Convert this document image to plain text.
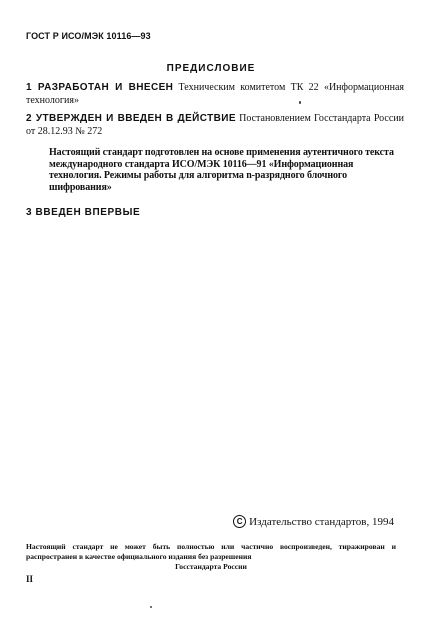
ГОСТ Р ИСО/МЭК 10116—93
ПРЕДИСЛОВИЕ
1 РАЗРАБОТАН И ВНЕСЕН Техническим комитетом ТК 22 «Информационная технология»
2 УТВЕРЖДЕН И ВВЕДЕН В ДЕЙСТВИЕ Постановлением Госстандарта России от 28.12.93 № 272
Настоящий стандарт подготовлен на основе применения аутентичного текста международного стандарта ИСО/МЭК 10116—91 «Информационная технология. Режимы работы для алгоритма n-разрядного блочного шифрования»
3 ВВЕДЕН ВПЕРВЫЕ
С Издательство стандартов, 1994
Настоящий стандарт не может быть полностью или частично воспроизведен, тиражирован и распространен в качестве официального издания без разрешения
Госстандарта России
II
